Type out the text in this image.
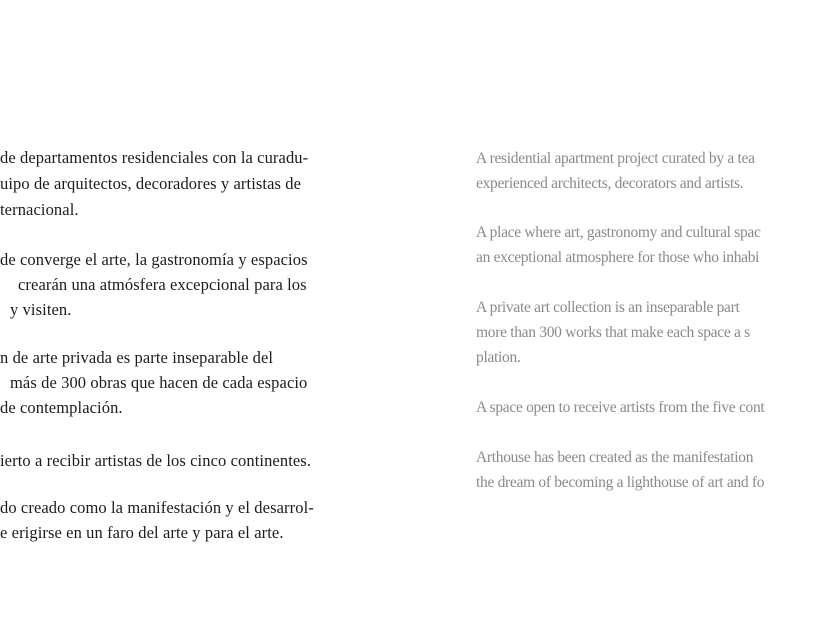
de departamentos residenciales con la curadu-
uipo de arquitectos, decoradores y artistas de
ternacional.
de converge el arte, la gastronomía y espacios
crearán una atmósfera excepcional para los
y visiten.
n de arte privada es parte inseparable del
más de 300 obras que hacen de cada espacio
de contemplación.
ierto a recibir artistas de los cinco continentes.
do creado como la manifestación y el desarrol-
e erigirse en un faro del arte y para el arte.
A residential apartment project curated by a tea
experienced architects, decorators and artists.
A place where art, gastronomy and cultural spac
an exceptional atmosphere for those who inhabi
A private art collection is an inseparable part
more than 300 works that make each space a s
plation.
A space open to receive artists from the five cont
Arthouse has been created as the manifestation
the dream of becoming a lighthouse of art and fo
